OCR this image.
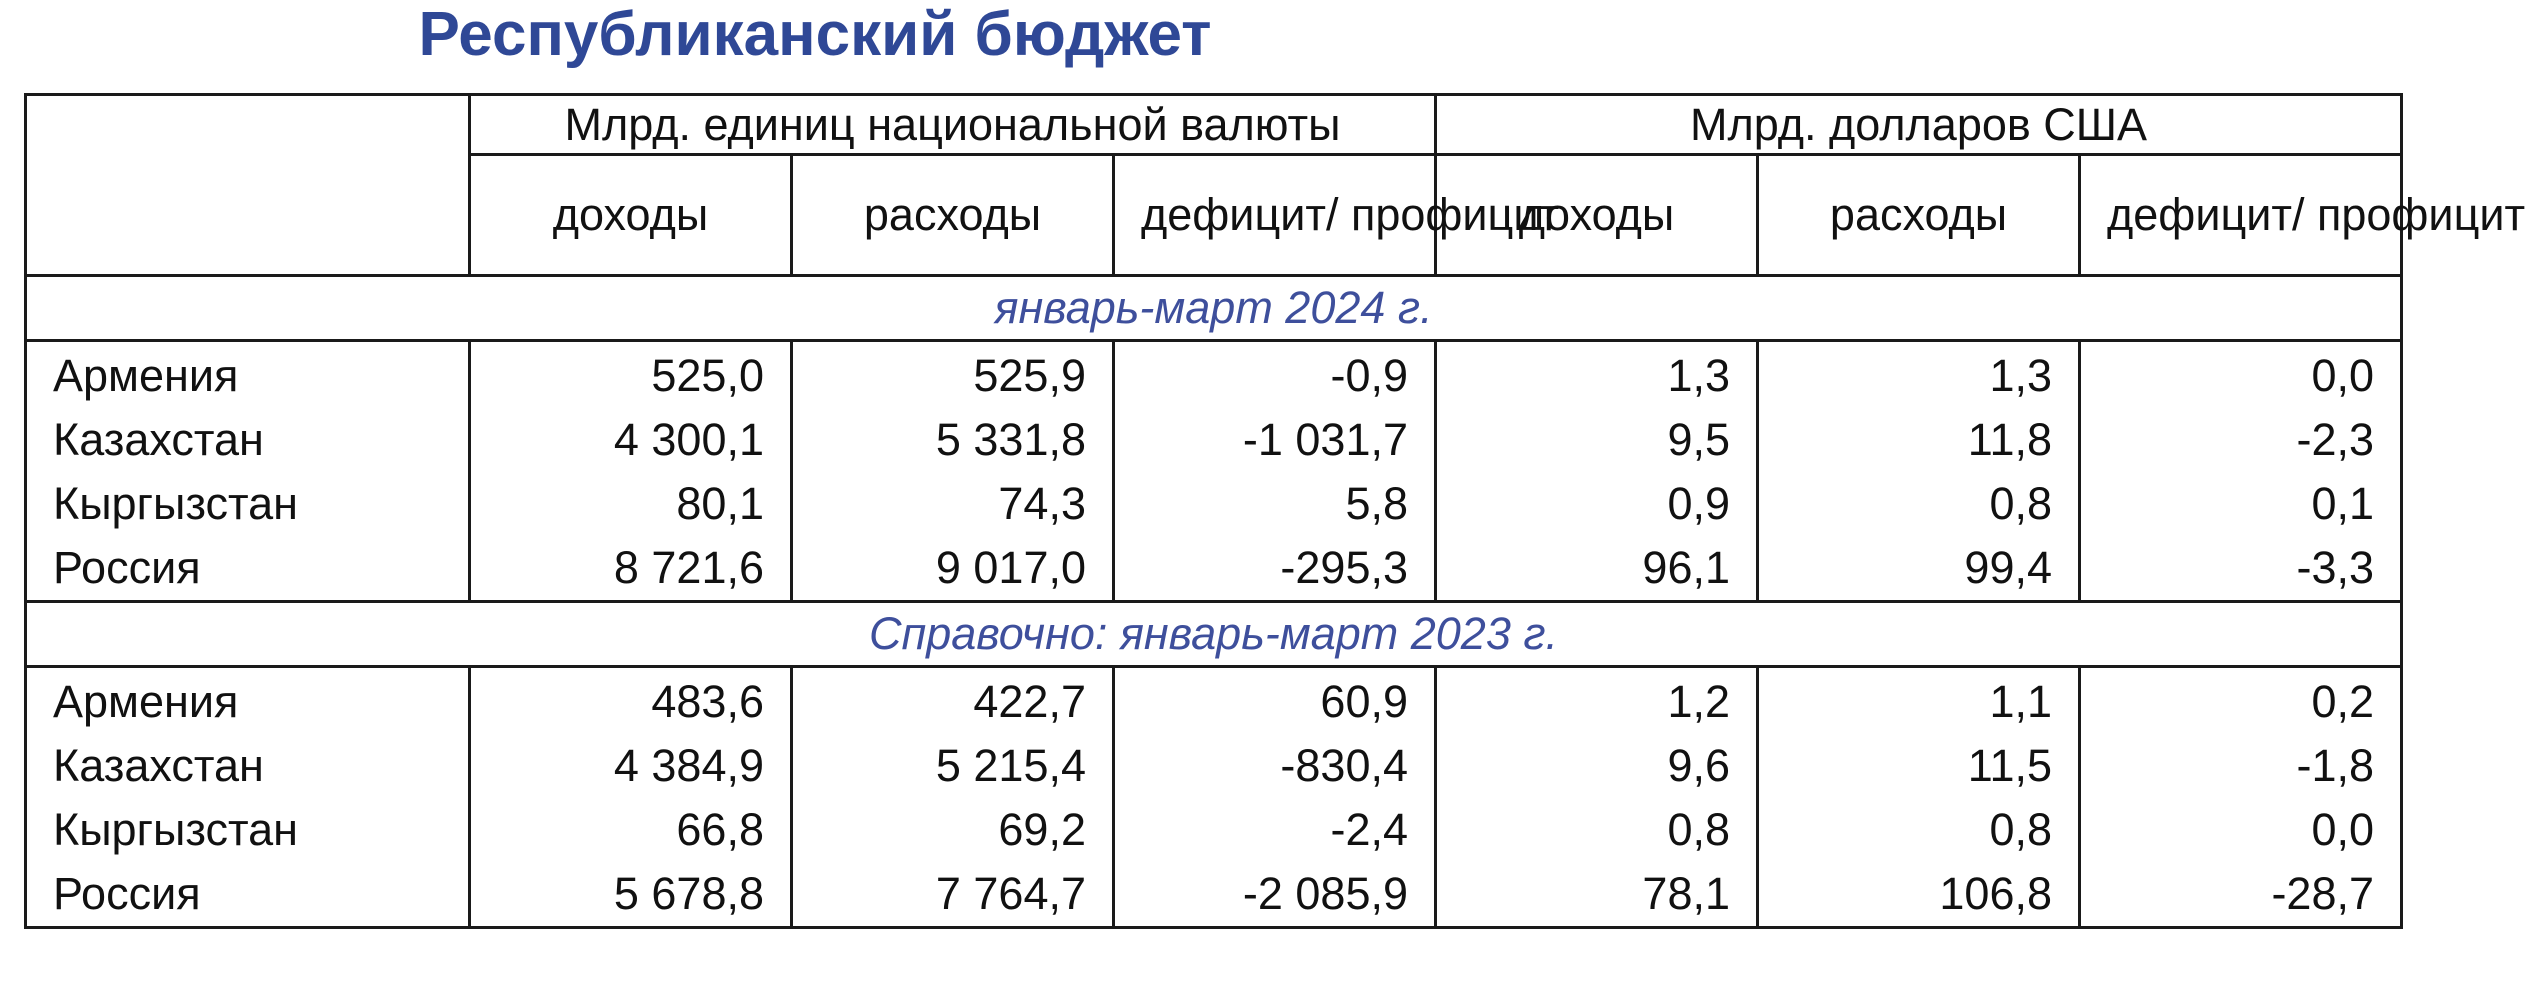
Республиканский бюджет
	Млрд. единиц национальной валюты			Млрд. долларов США		
	доходы	расходы	дефицит/ профицит	доходы	расходы	дефицит/ профицит
январь-март 2024 г.						
Армения	525,0	525,9	-0,9	1,3	1,3	0,0
Казахстан	4 300,1	5 331,8	-1 031,7	9,5	11,8	-2,3
Кыргызстан	80,1	74,3	5,8	0,9	0,8	0,1
Россия	8 721,6	9 017,0	-295,3	96,1	99,4	-3,3
Справочно: январь-март 2023 г.						
Армения	483,6	422,7	60,9	1,2	1,1	0,2
Казахстан	4 384,9	5 215,4	-830,4	9,6	11,5	-1,8
Кыргызстан	66,8	69,2	-2,4	0,8	0,8	0,0
Россия	5 678,8	7 764,7	-2 085,9	78,1	106,8	-28,7
